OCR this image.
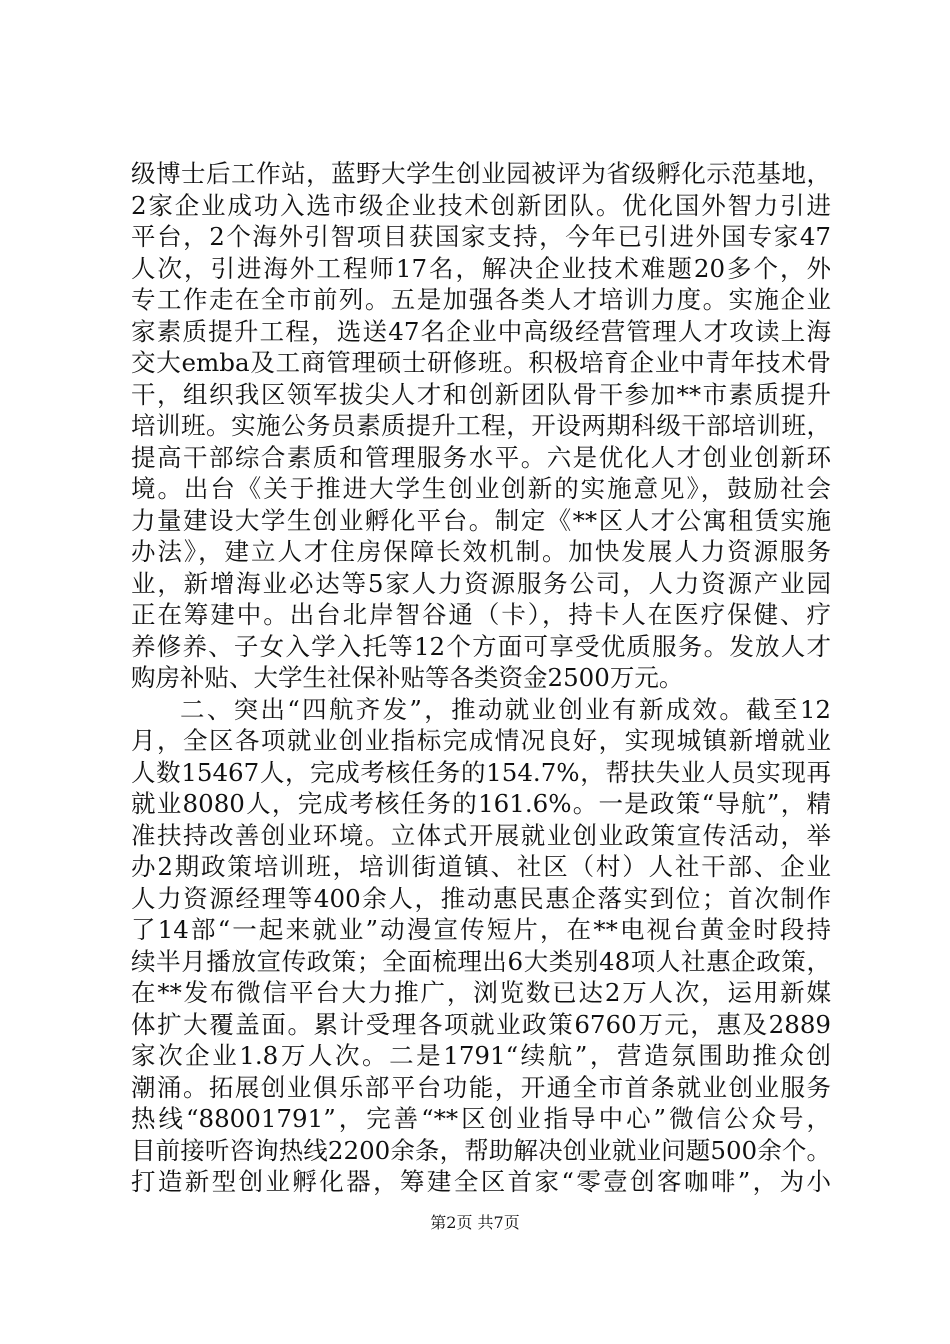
级博士后工作站，蓝野大学生创业园被评为省级孵化示范基地，
2家企业成功入选市级企业技术创新团队。优化国外智力引进
平台，2个海外引智项目获国家支持，今年已引进外国专家47
人次，引进海外工程师17名，解决企业技术难题20多个，外
专工作走在全市前列。五是加强各类人才培训力度。实施企业
家素质提升工程，选送47名企业中高级经营管理人才攻读上海
交大emba及工商管理硕士研修班。积极培育企业中青年技术骨
干，组织我区领军拔尖人才和创新团队骨干参加**市素质提升
培训班。实施公务员素质提升工程，开设两期科级干部培训班，
提高干部综合素质和管理服务水平。六是优化人才创业创新环
境。出台《关于推进大学生创业创新的实施意见》，鼓励社会
力量建设大学生创业孵化平台。制定《**区人才公寓租赁实施
办法》，建立人才住房保障长效机制。加快发展人力资源服务
业，新增海业必达等5家人力资源服务公司，人力资源产业园
正在筹建中。出台北岸智谷通（卡），持卡人在医疗保健、疗
养修养、子女入学入托等12个方面可享受优质服务。发放人才
购房补贴、大学生社保补贴等各类资金2500万元。
二、突出“四航齐发”，推动就业创业有新成效。截至12
月，全区各项就业创业指标完成情况良好，实现城镇新增就业
人数15467人，完成考核任务的154.7%，帮扶失业人员实现再
就业8080人，完成考核任务的161.6%。一是政策“导航”，精
准扶持改善创业环境。立体式开展就业创业政策宣传活动，举
办2期政策培训班，培训街道镇、社区（村）人社干部、企业
人力资源经理等400余人，推动惠民惠企落实到位；首次制作
了14部“一起来就业”动漫宣传短片，在**电视台黄金时段持
续半月播放宣传政策；全面梳理出6大类别48项人社惠企政策，
在**发布微信平台大力推广，浏览数已达2万人次，运用新媒
体扩大覆盖面。累计受理各项就业政策6760万元，惠及2889
家次企业1.8万人次。二是1791“续航”，营造氛围助推众创
潮涌。拓展创业俱乐部平台功能，开通全市首条就业创业服务
热线“88001791”，完善“**区创业指导中心”微信公众号，
目前接听咨询热线2200余条，帮助解决创业就业问题500余个。
打造新型创业孵化器，筹建全区首家“零壹创客咖啡”，为小
第2页 共7页
